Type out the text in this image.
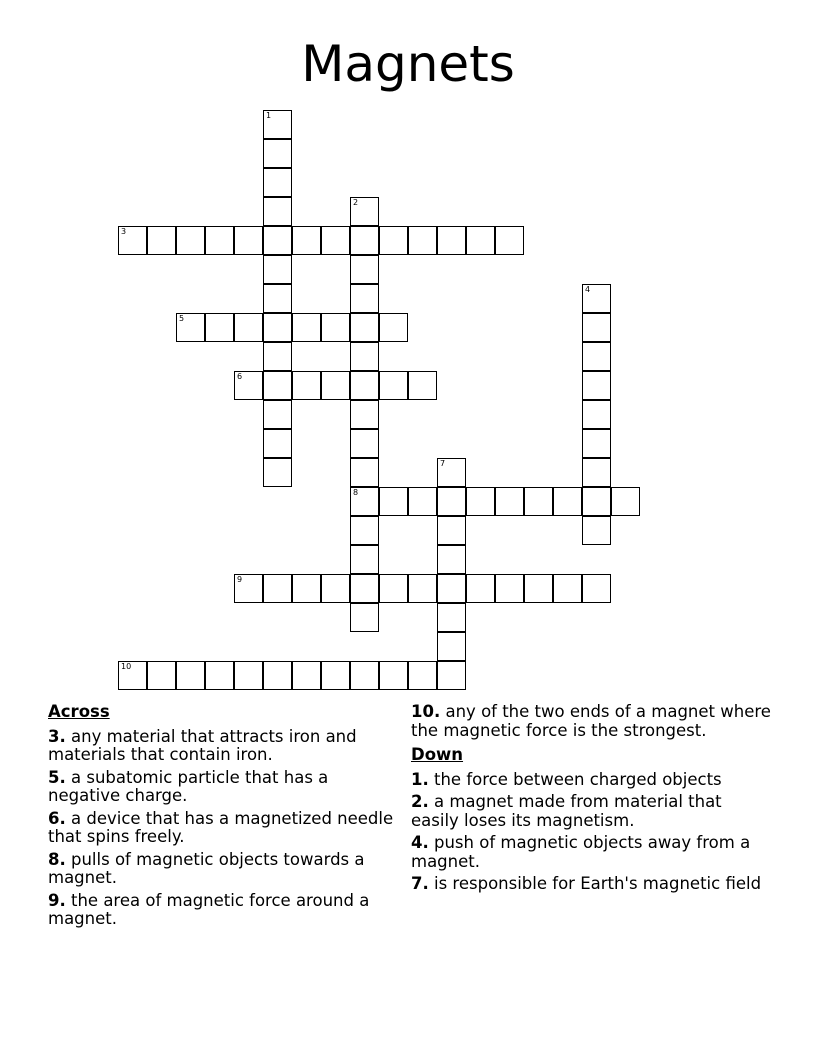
Magnets
1
2
8
3
4
5
6
7
9
10
Across
3. any material that attracts iron and materials that contain iron.
5. a subatomic particle that has a negative charge.
6. a device that has a magnetized needle that spins freely.
8. pulls of magnetic objects towards a magnet.
9. the area of magnetic force around a magnet.
10. any of the two ends of a magnet where the magnetic force is the strongest.
Down
1. the force between charged objects
2. a magnet made from material that easily loses its magnetism.
4. push of magnetic objects away from a magnet.
7. is responsible for Earth's magnetic field
